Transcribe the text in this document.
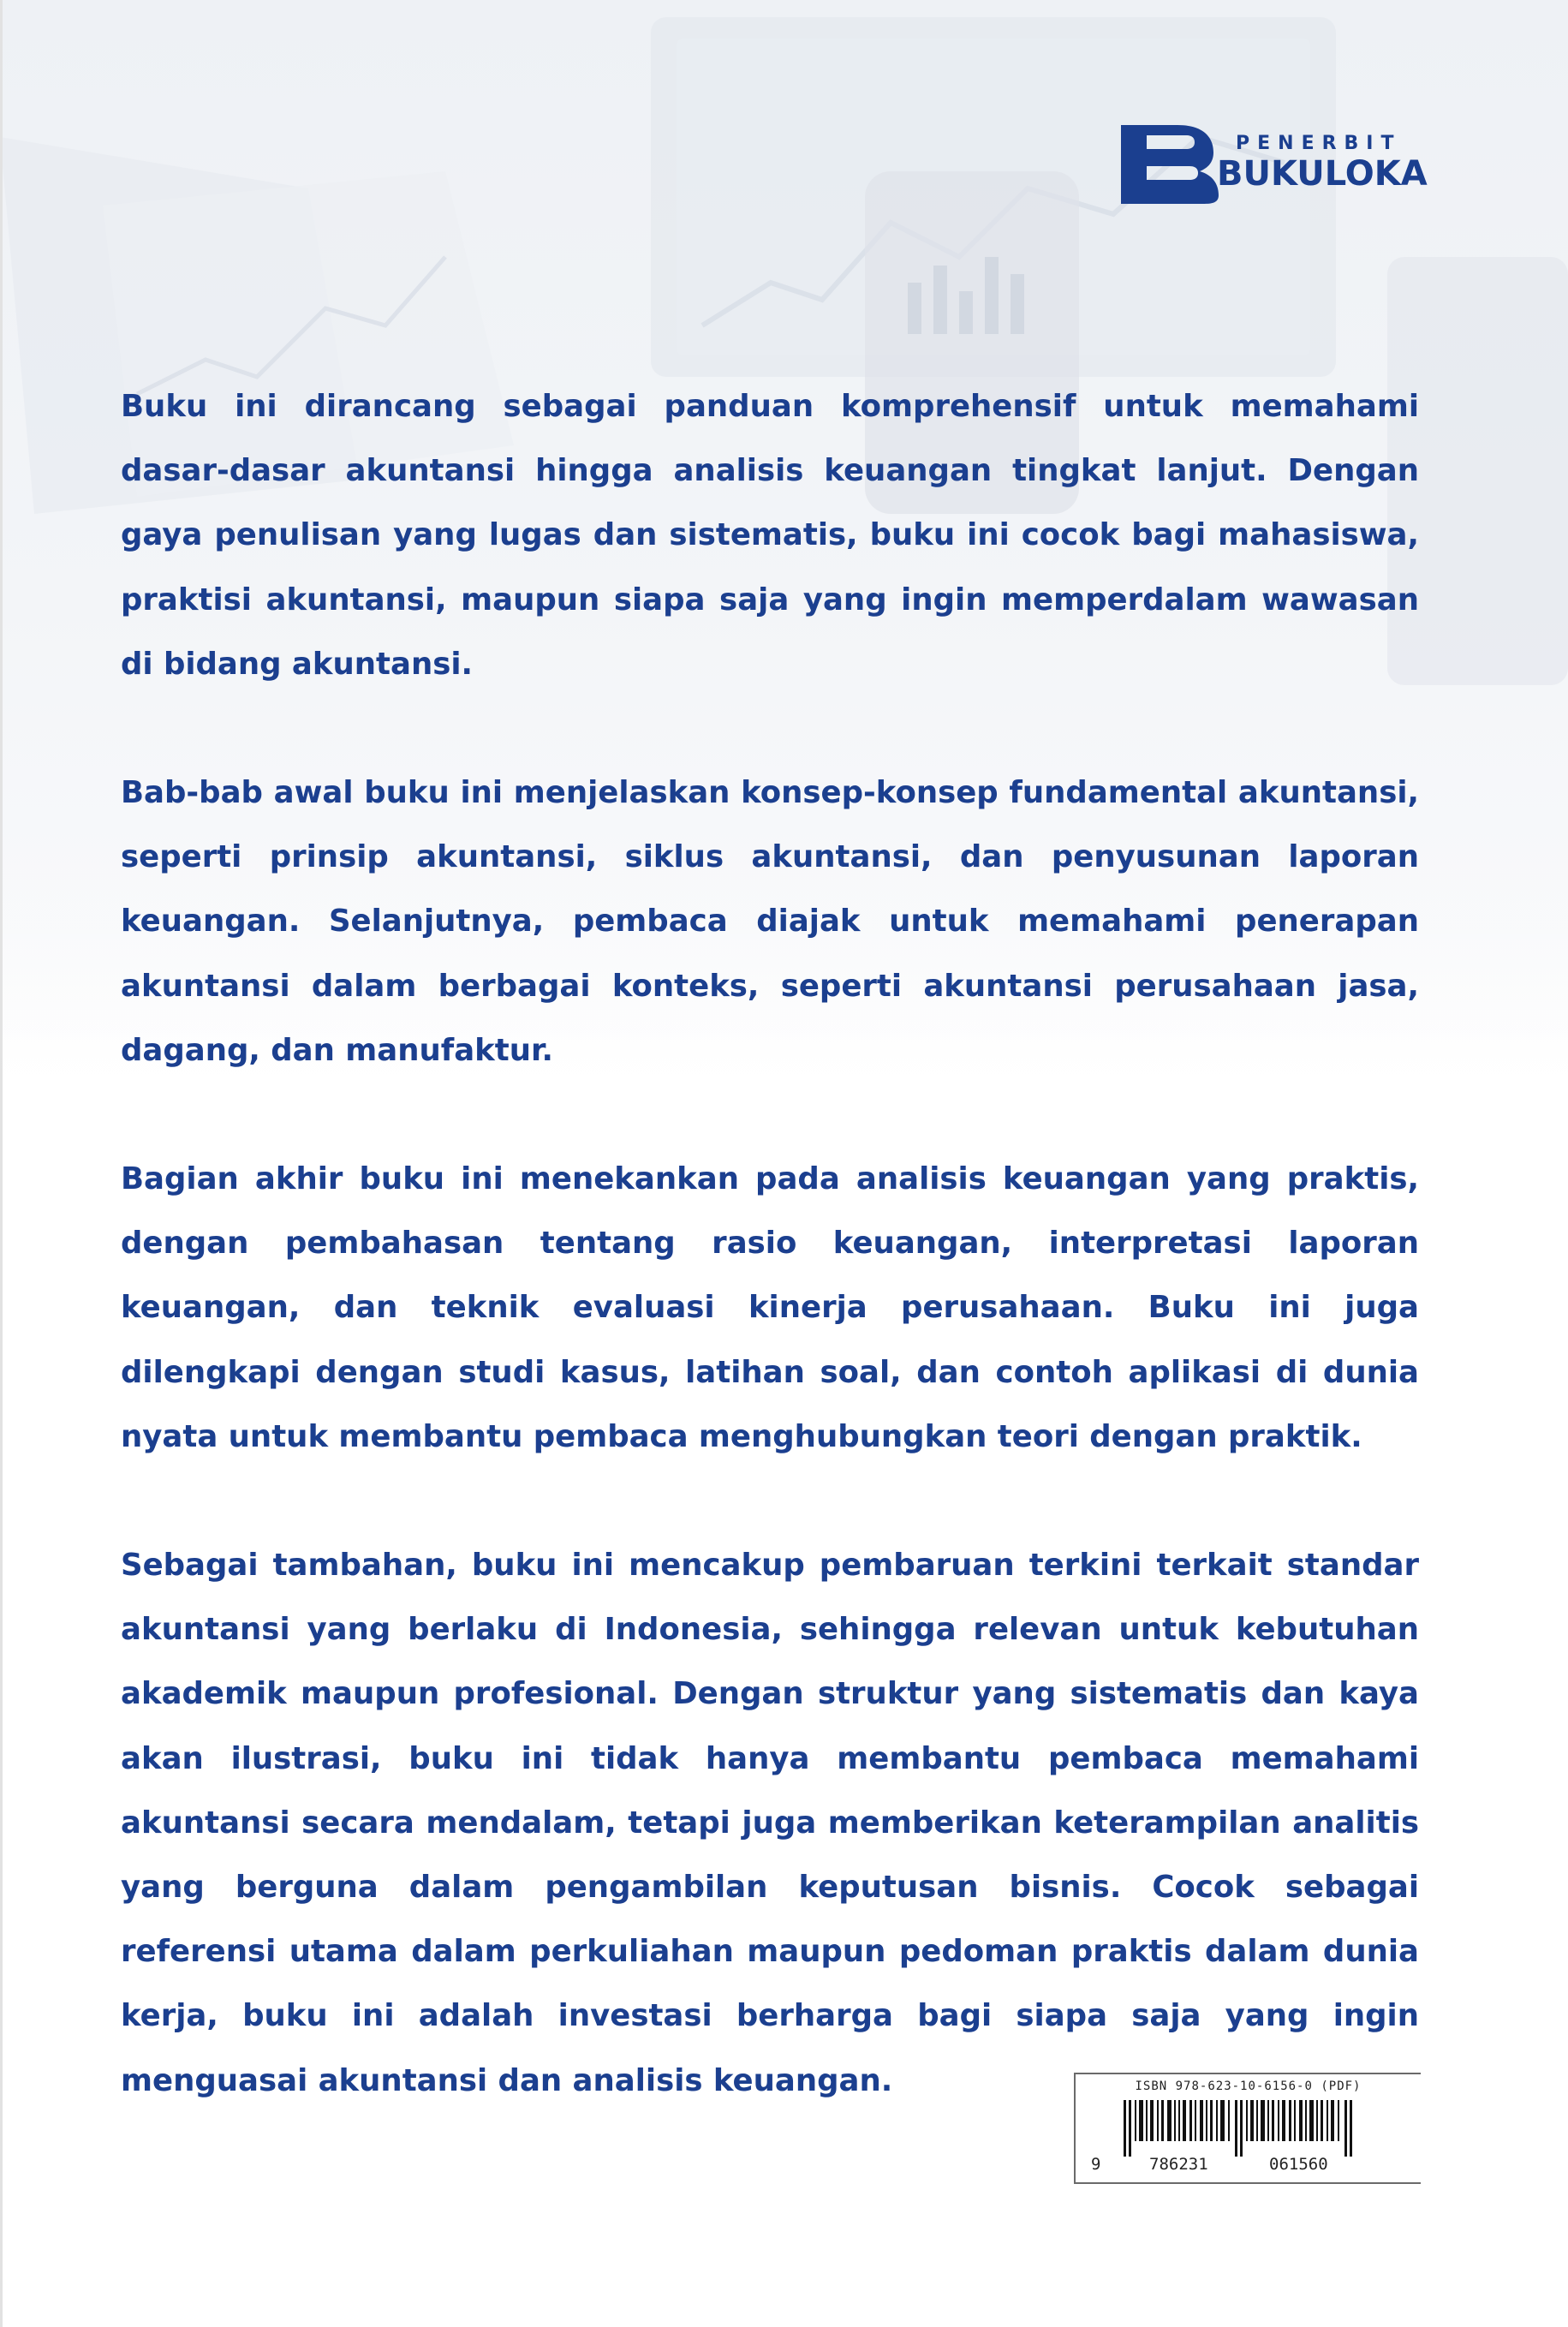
PENERBIT
BUKULOKA

Buku ini dirancang sebagai panduan komprehensif untuk memahami dasar-dasar akuntansi hingga analisis keuangan tingkat lanjut. Dengan gaya penulisan yang lugas dan sistematis, buku ini cocok bagi mahasiswa, praktisi akuntansi, maupun siapa saja yang ingin memperdalam wawasan di bidang akuntansi.

Bab-bab awal buku ini menjelaskan konsep-konsep fundamental akuntansi, seperti prinsip akuntansi, siklus akuntansi, dan penyusunan laporan keuangan. Selanjutnya, pembaca diajak untuk memahami penerapan akuntansi dalam berbagai konteks, seperti akuntansi perusahaan jasa, dagang, dan manufaktur.

Bagian akhir buku ini menekankan pada analisis keuangan yang praktis, dengan pembahasan tentang rasio keuangan, interpretasi laporan keuangan, dan teknik evaluasi kinerja perusahaan. Buku ini juga dilengkapi dengan studi kasus, latihan soal, dan contoh aplikasi di dunia nyata untuk membantu pembaca menghubungkan teori dengan praktik.

Sebagai tambahan, buku ini mencakup pembaruan terkini terkait standar akuntansi yang berlaku di Indonesia, sehingga relevan untuk kebutuhan akademik maupun profesional. Dengan struktur yang sistematis dan kaya akan ilustrasi, buku ini tidak hanya membantu pembaca memahami akuntansi secara mendalam, tetapi juga memberikan keterampilan analitis yang berguna dalam pengambilan keputusan bisnis. Cocok sebagai referensi utama dalam perkuliahan maupun pedoman praktis dalam dunia kerja, buku ini adalah investasi berharga bagi siapa saja yang ingin menguasai akuntansi dan analisis keuangan.	ISBN 978-623-10-6156-0 (PDF)
9	786231	061560
